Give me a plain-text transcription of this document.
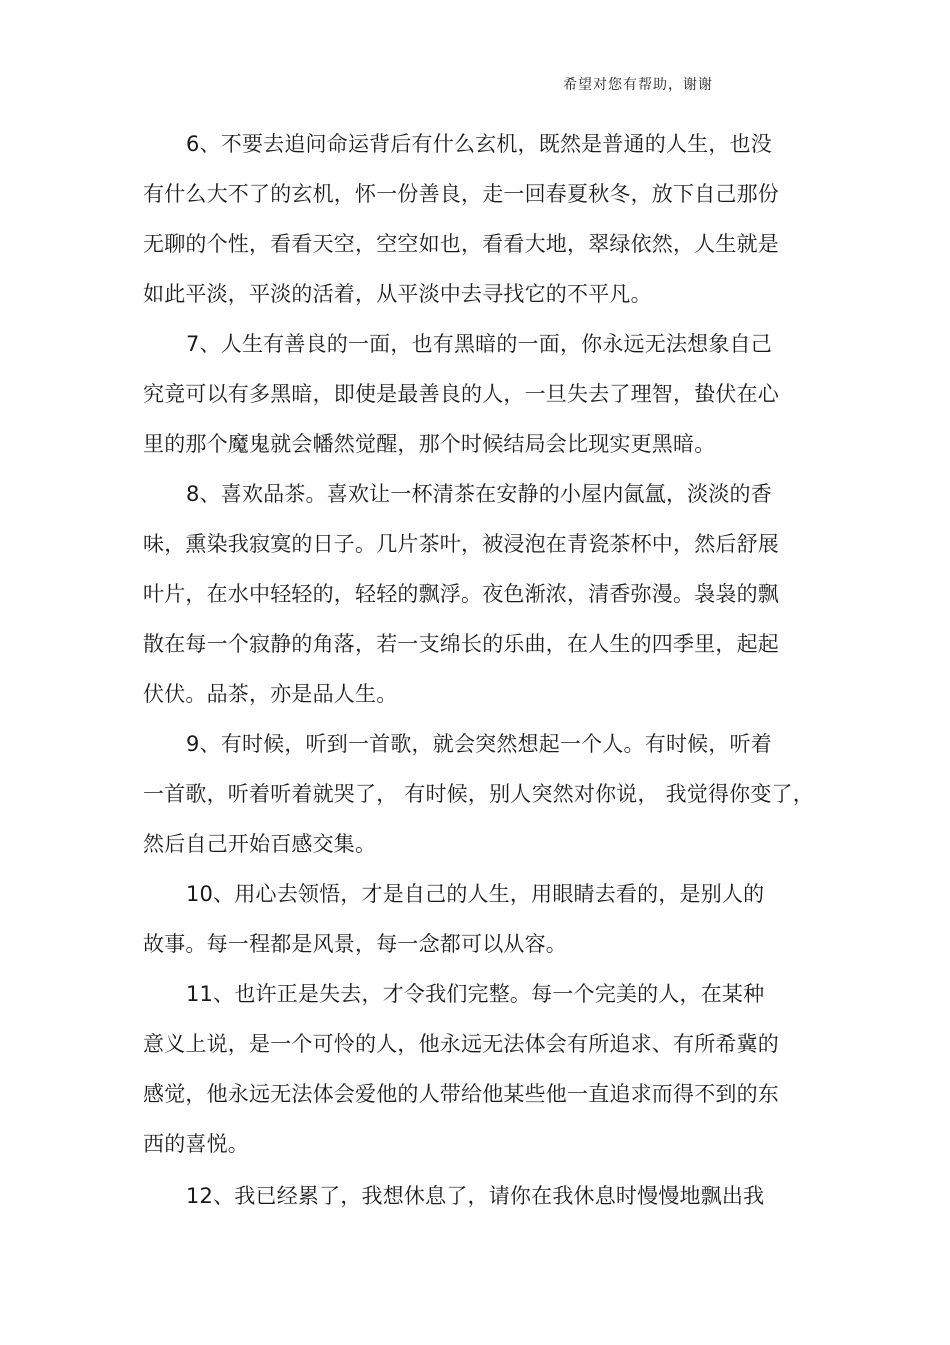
希望对您有帮助，谢谢
6、不要去追问命运背后有什么玄机，既然是普通的人生，也没
有什么大不了的玄机，怀一份善良，走一回春夏秋冬，放下自己那份
无聊的个性，看看天空，空空如也，看看大地，翠绿依然，人生就是
如此平淡，平淡的活着，从平淡中去寻找它的不平凡。
7、人生有善良的一面，也有黑暗的一面，你永远无法想象自己
究竟可以有多黑暗，即使是最善良的人，一旦失去了理智，蛰伏在心
里的那个魔鬼就会幡然觉醒，那个时候结局会比现实更黑暗。
8、喜欢品茶。喜欢让一杯清茶在安静的小屋内氤氲，淡淡的香
味，熏染我寂寞的日子。几片茶叶，被浸泡在青瓷茶杯中，然后舒展
叶片，在水中轻轻的，轻轻的飘浮。夜色渐浓，清香弥漫。袅袅的飘
散在每一个寂静的角落，若一支绵长的乐曲，在人生的四季里，起起
伏伏。品茶，亦是品人生。
9、有时候，听到一首歌，就会突然想起一个人。有时候，听着
一首歌，听着听着就哭了， 有时候，别人突然对你说， 我觉得你变了，
然后自己开始百感交集。
10、用心去领悟，才是自己的人生，用眼睛去看的，是别人的
故事。每一程都是风景，每一念都可以从容。
11、也许正是失去，才令我们完整。每一个完美的人，在某种
意义上说，是一个可怜的人，他永远无法体会有所追求、有所希冀的
感觉，他永远无法体会爱他的人带给他某些他一直追求而得不到的东
西的喜悦。
12、我已经累了，我想休息了，请你在我休息时慢慢地飘出我
